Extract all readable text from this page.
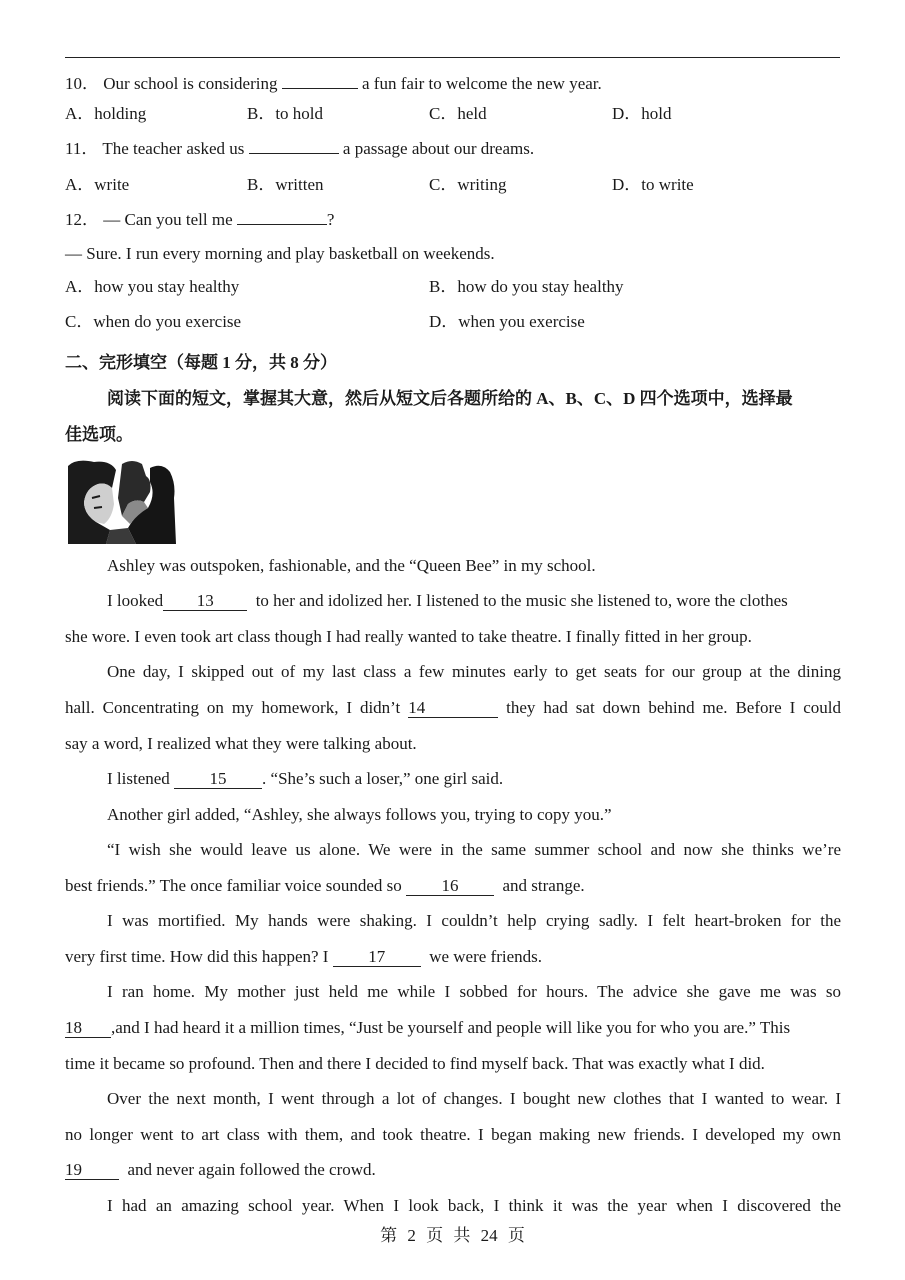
10． Our school is considering	a fun fair to welcome the new year.
A．holding	B．to hold	C．held	D．hold
11． The teacher asked us	a passage about our dreams.
A．write	B．written	C．writing	D．to write
12． — Can you tell me	?
— Sure. I run every morning and play basketball on weekends.
A．how you stay healthy	B．how do you stay healthy
C．when do you exercise	D．when you exercise
二、完形填空（每题 1 分，共 8 分）
阅读下面的短文，掌握其大意，然后从短文后各题所给的 A、B、C、D 四个选项中，选择最
佳选项。
Ashley was outspoken, fashionable, and the “Queen Bee” in my school.
I looked 13 to her and idolized her. I listened to the music she listened to, wore the clothes
she wore. I even took art class though I had really wanted to take theatre. I finally fitted in her group.
One day, I skipped out of my last class a few minutes early to get seats for our group at the dining
hall. Concentrating on my homework, I didn’t 14	they had sat down behind me. Before I could
say a word, I realized what they were talking about.
I listened 15 . “She’s such a loser,” one girl said.
Another girl added, “Ashley, she always follows you, trying to copy you.”
“I wish she would leave us alone. We were in the same summer school and now she thinks we’re
best friends.” The once familiar voice sounded so 16	and strange.
I was mortified. My hands were shaking. I couldn’t help crying sadly. I felt heart-broken for the
very first time. How did this happen? I 17	we were friends.
I ran home. My mother just held me while I sobbed for hours. The advice she gave me was so
18 ,and I had heard it a million times, “Just be yourself and people will like you for who you are.” This
time it became so profound. Then and there I decided to find myself back. That was exactly what I did.
Over the next month, I went through a lot of changes. I bought new clothes that I wanted to wear. I
no longer went to art class with them, and took theatre. I began making new friends. I developed my own
19	and never again followed the crowd.
I had an amazing school year. When I look back, I think it was the year when I discovered the
第 2 页 共 24 页
